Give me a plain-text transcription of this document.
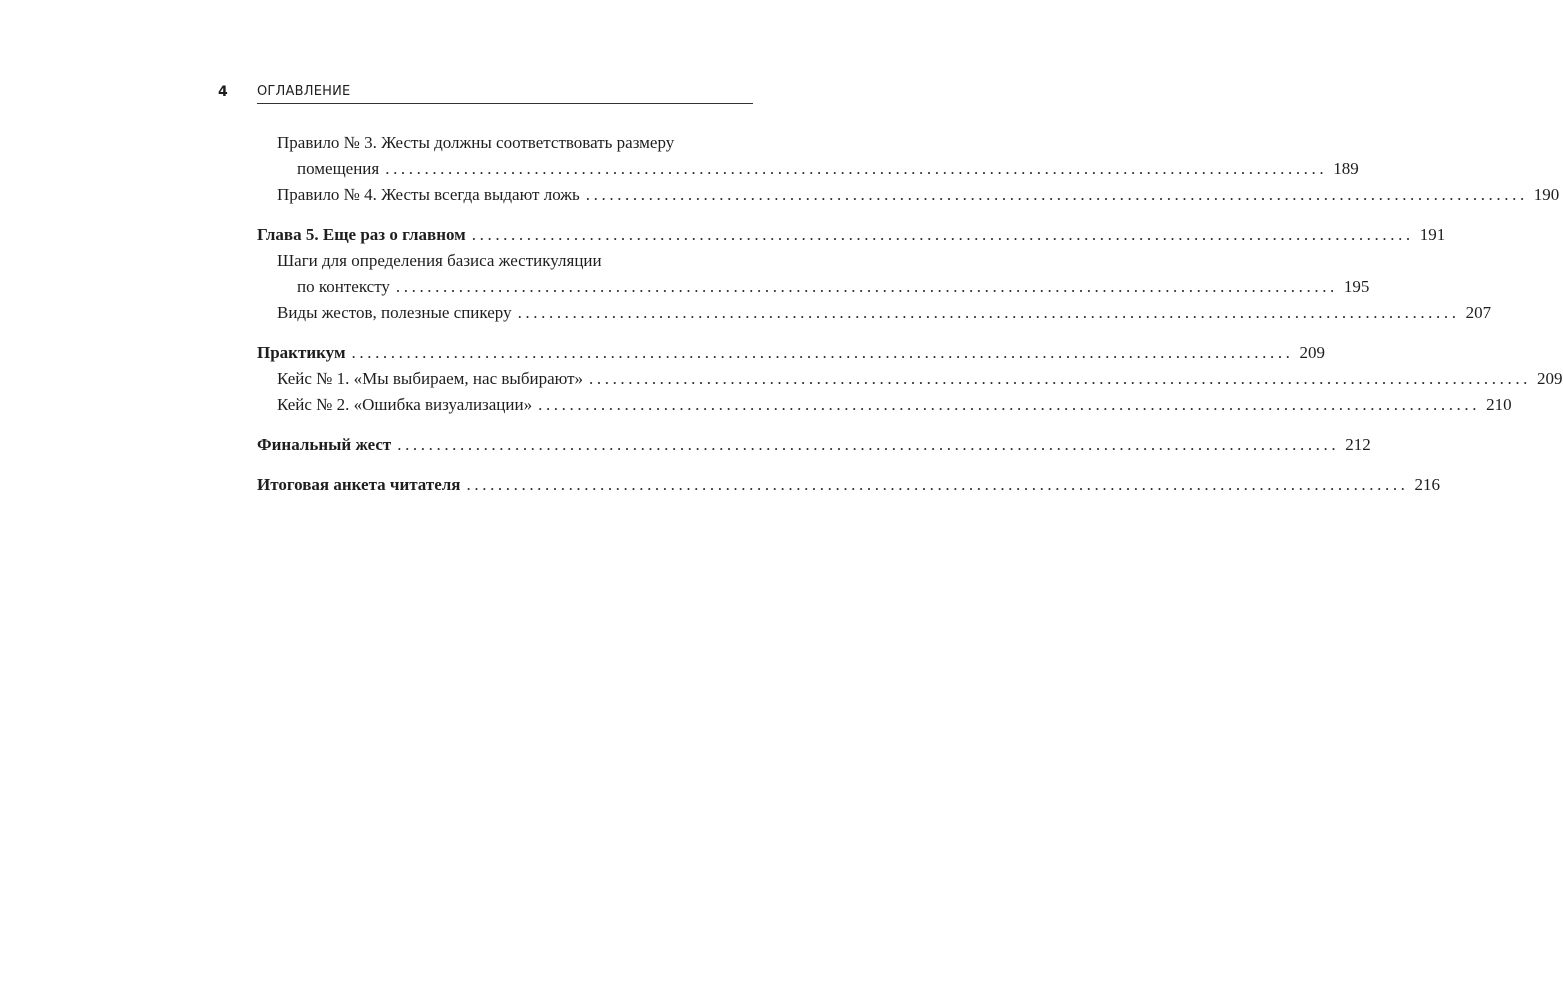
4 ОГЛАВЛЕНИЕ
Правило № 3. Жесты должны соответствовать размеру
помещения ........................................................................................................................ 189
Правило № 4. Жесты всегда выдают ложь ........................................................................................................................ 190
Глава 5. Еще раз о главном ........................................................................................................................ 191
Шаги для определения базиса жестикуляции
по контексту ........................................................................................................................ 195
Виды жестов, полезные спикеру ........................................................................................................................ 207
Практикум ........................................................................................................................ 209
Кейс № 1. «Мы выбираем, нас выбирают» ........................................................................................................................ 209
Кейс № 2. «Ошибка визуализации» ........................................................................................................................ 210
Финальный жест ........................................................................................................................ 212
Итоговая анкета читателя ........................................................................................................................ 216
